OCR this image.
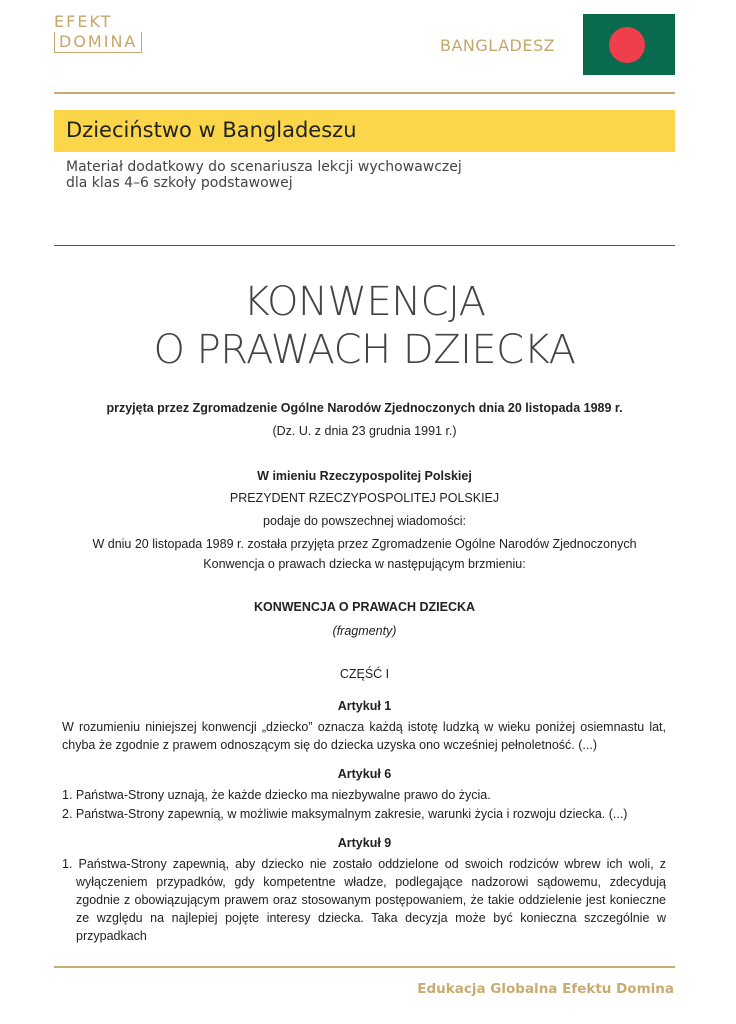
EFEKT
DOMINA	BANGLADESZ
Dzieciństwo w Bangladeszu
Materiał dodatkowy do scenariusza lekcji wychowawczej
dla klas 4–6 szkoły podstawowej
KONWENCJA
O PRAWACH DZIECKA
przyjęta przez Zgromadzenie Ogólne Narodów Zjednoczonych dnia 20 listopada 1989 r.
(Dz. U. z dnia 23 grudnia 1991 r.)
W imieniu Rzeczypospolitej Polskiej
PREZYDENT RZECZYPOSPOLITEJ POLSKIEJ
podaje do powszechnej wiadomości:
W dniu 20 listopada 1989 r. została przyjęta przez Zgromadzenie Ogólne Narodów Zjednoczonych
Konwencja o prawach dziecka w następującym brzmieniu:
KONWENCJA O PRAWACH DZIECKA
(fragmenty)
CZĘŚĆ I
Artykuł 1
W rozumieniu niniejszej konwencji „dziecko” oznacza każdą istotę ludzką w wieku poniżej osiemnastu lat, chyba że zgodnie z prawem odnoszącym się do dziecka uzyska ono wcześniej pełnoletność. (...)
Artykuł 6
1. Państwa-Strony uznają, że każde dziecko ma niezbywalne prawo do życia.
2. Państwa-Strony zapewnią, w możliwie maksymalnym zakresie, warunki życia i rozwoju dziecka. (...)
Artykuł 9
1. Państwa-Strony zapewnią, aby dziecko nie zostało oddzielone od swoich rodziców wbrew ich woli, z wyłączeniem przypadków, gdy kompetentne władze, podlegające nadzorowi sądowemu, zdecydują zgodnie z obowiązującym prawem oraz stosowanym postępowaniem, że takie oddzielenie jest konieczne ze względu na najlepiej pojęte interesy dziecka. Taka decyzja może być konieczna szczególnie w przypadkach
Edukacja Globalna Efektu Domina
